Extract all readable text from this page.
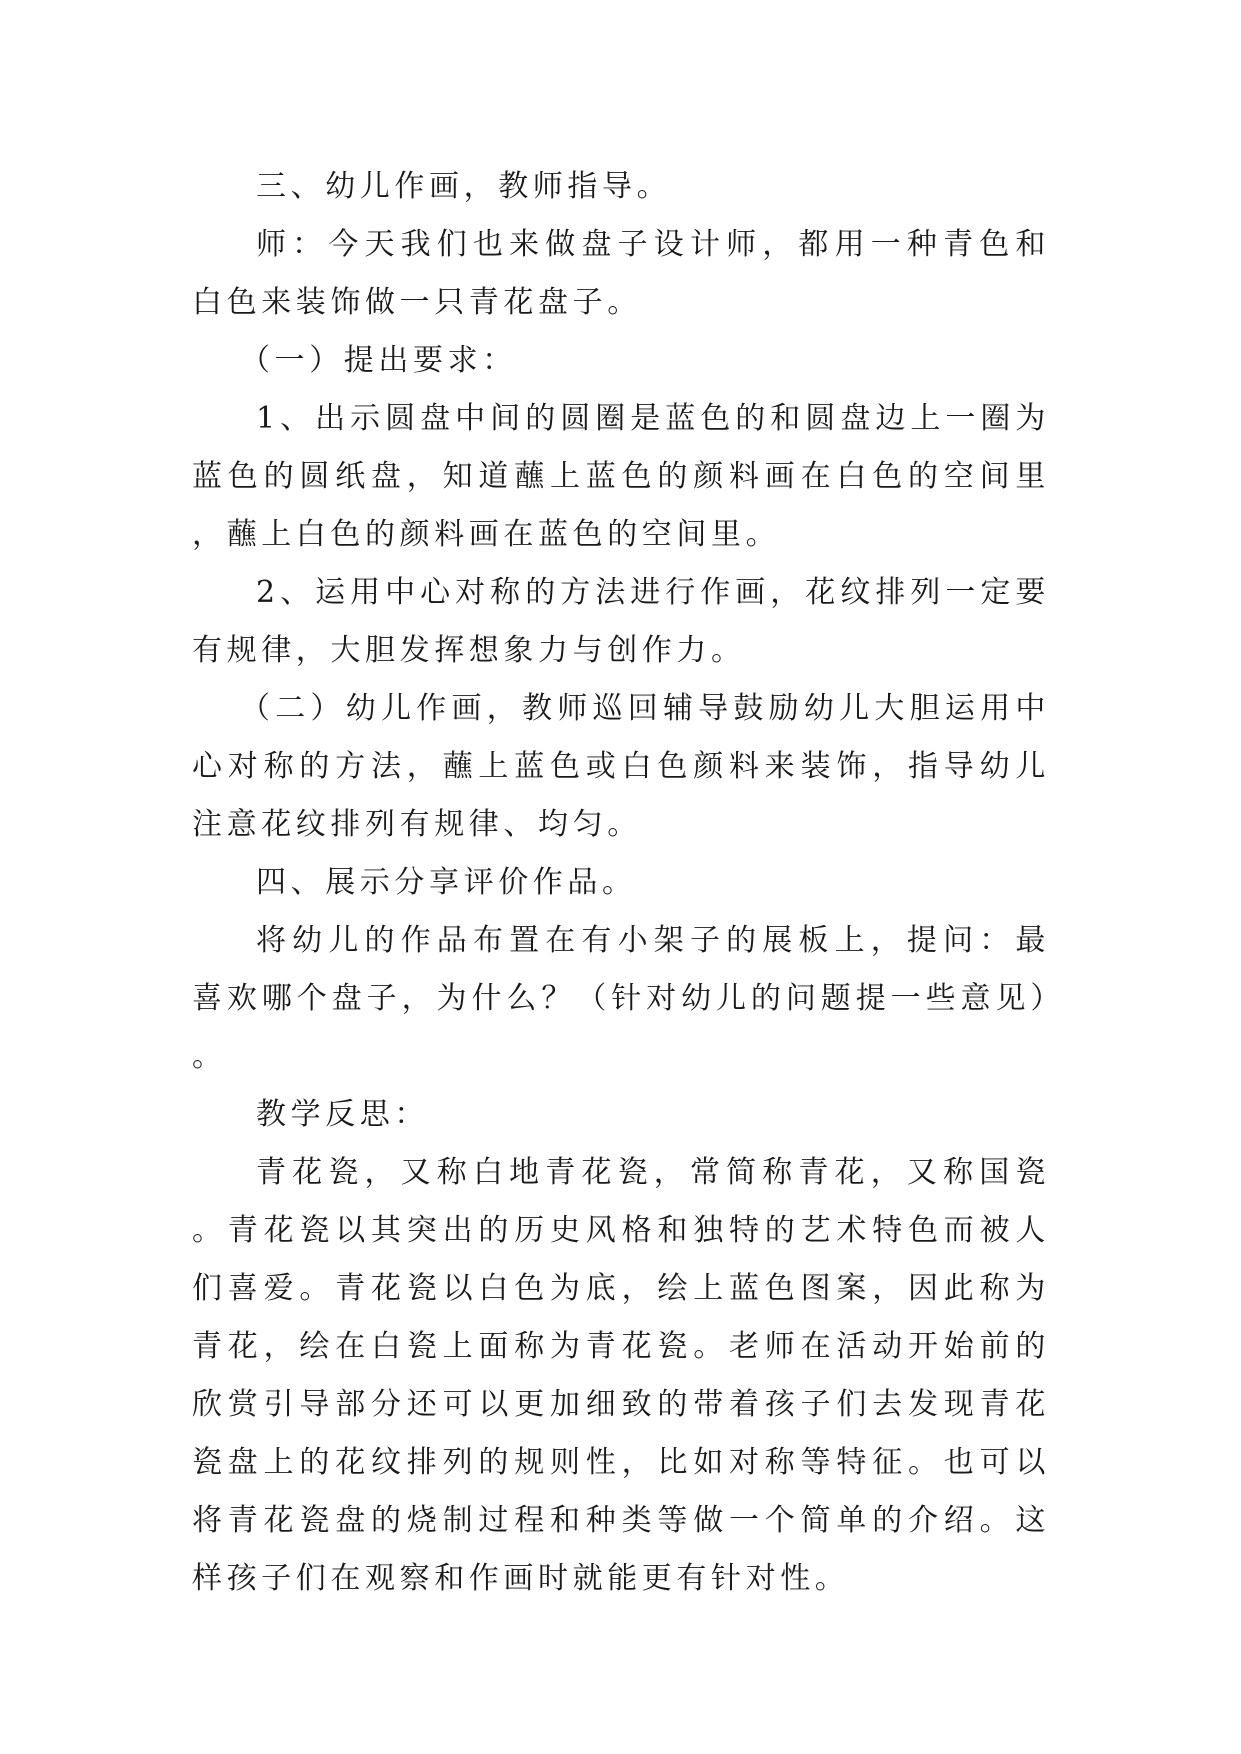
三、幼儿作画，教师指导。

师：今天我们也来做盘子设计师，都用一种青色和白色来装饰做一只青花盘子。

（一）提出要求：

1、出示圆盘中间的圆圈是蓝色的和圆盘边上一圈为蓝色的圆纸盘，知道蘸上蓝色的颜料画在白色的空间里，蘸上白色的颜料画在蓝色的空间里。

2、运用中心对称的方法进行作画，花纹排列一定要有规律，大胆发挥想象力与创作力。

（二）幼儿作画，教师巡回辅导鼓励幼儿大胆运用中心对称的方法，蘸上蓝色或白色颜料来装饰，指导幼儿注意花纹排列有规律、均匀。

四、展示分享评价作品。

将幼儿的作品布置在有小架子的展板上，提问：最喜欢哪个盘子，为什么？（针对幼儿的问题提一些意见）。

教学反思：

青花瓷，又称白地青花瓷，常简称青花，又称国瓷。青花瓷以其突出的历史风格和独特的艺术特色而被人们喜爱。青花瓷以白色为底，绘上蓝色图案，因此称为青花，绘在白瓷上面称为青花瓷。老师在活动开始前的欣赏引导部分还可以更加细致的带着孩子们去发现青花瓷盘上的花纹排列的规则性，比如对称等特征。也可以将青花瓷盘的烧制过程和种类等做一个简单的介绍。这样孩子们在观察和作画时就能更有针对性。
